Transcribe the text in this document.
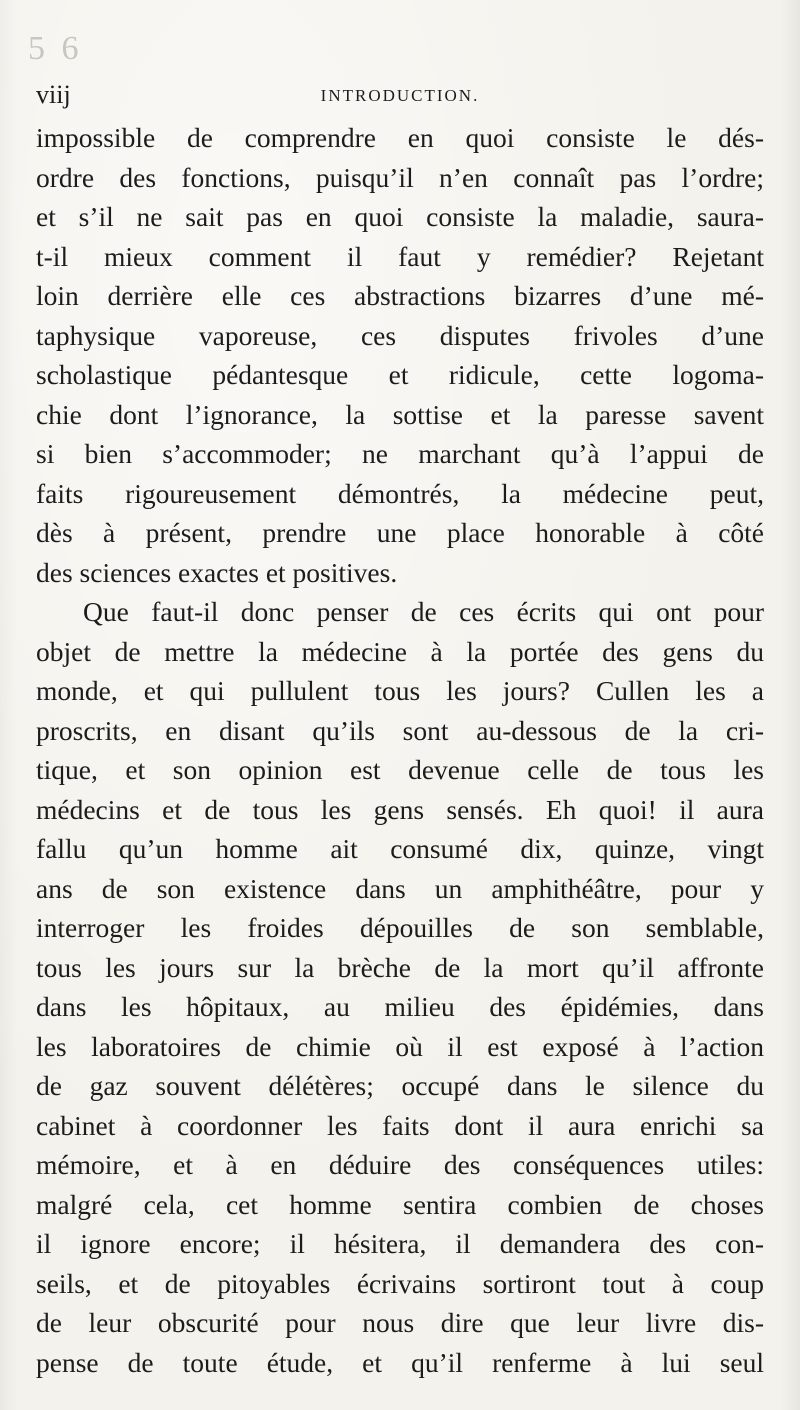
5 6
viij	INTRODUCTION.
impossible de comprendre en quoi consiste le dés-
ordre des fonctions, puisqu’il n’en connaît pas l’ordre;
et s’il ne sait pas en quoi consiste la maladie, saura-
t-il mieux comment il faut y remédier? Rejetant
loin derrière elle ces abstractions bizarres d’une mé-
taphysique vaporeuse, ces disputes frivoles d’une
scholastique pédantesque et ridicule, cette logoma-
chie dont l’ignorance, la sottise et la paresse savent
si bien s’accommoder; ne marchant qu’à l’appui de
faits rigoureusement démontrés, la médecine peut,
dès à présent, prendre une place honorable à côté
des sciences exactes et positives.
Que faut-il donc penser de ces écrits qui ont pour
objet de mettre la médecine à la portée des gens du
monde, et qui pullulent tous les jours? Cullen les a
proscrits, en disant qu’ils sont au-dessous de la cri-
tique, et son opinion est devenue celle de tous les
médecins et de tous les gens sensés. Eh quoi! il aura
fallu qu’un homme ait consumé dix, quinze, vingt
ans de son existence dans un amphithéâtre, pour y
interroger les froides dépouilles de son semblable,
tous les jours sur la brèche de la mort qu’il affronte
dans les hôpitaux, au milieu des épidémies, dans
les laboratoires de chimie où il est exposé à l’action
de gaz souvent délétères; occupé dans le silence du
cabinet à coordonner les faits dont il aura enrichi sa
mémoire, et à en déduire des conséquences utiles:
malgré cela, cet homme sentira combien de choses
il ignore encore; il hésitera, il demandera des con-
seils, et de pitoyables écrivains sortiront tout à coup
de leur obscurité pour nous dire que leur livre dis-
pense de toute étude, et qu’il renferme à lui seul
